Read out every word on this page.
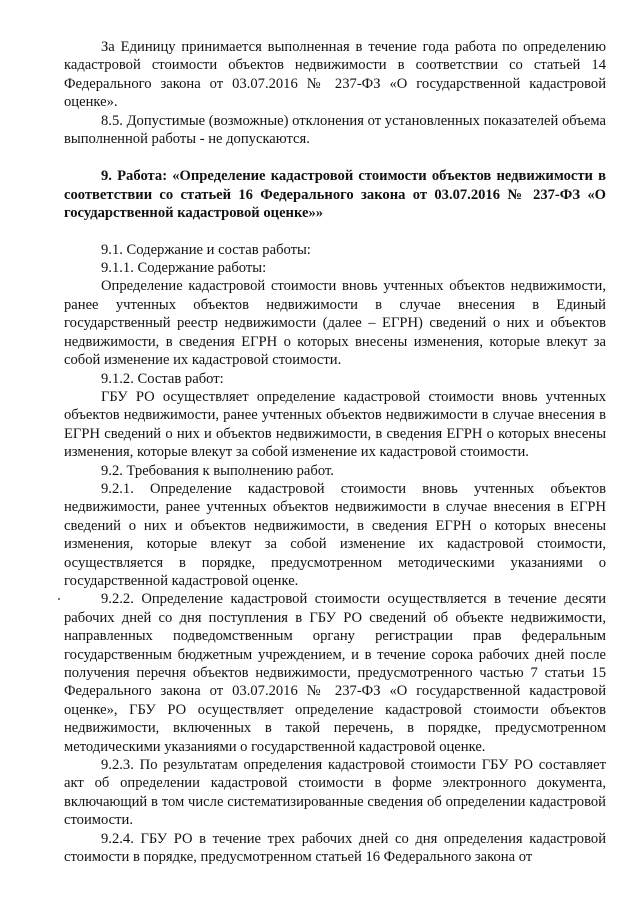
За Единицу принимается выполненная в течение года работа по определению кадастровой стоимости объектов недвижимости в соответствии со статьей 14 Федерального закона от 03.07.2016 № 237-ФЗ «О государственной кадастровой оценке».

8.5. Допустимые (возможные) отклонения от установленных показателей объема выполненной работы - не допускаются.

9. Работа: «Определение кадастровой стоимости объектов недвижимости в соответствии со статьей 16 Федерального закона от 03.07.2016 № 237-ФЗ «О государственной кадастровой оценке»»

9.1. Содержание и состав работы:

9.1.1. Содержание работы:

Определение кадастровой стоимости вновь учтенных объектов недвижимости, ранее учтенных объектов недвижимости в случае внесения в Единый государственный реестр недвижимости (далее – ЕГРН) сведений о них и объектов недвижимости, в сведения ЕГРН о которых внесены изменения, которые влекут за собой изменение их кадастровой стоимости.

9.1.2. Состав работ:

ГБУ РО осуществляет определение кадастровой стоимости вновь учтенных объектов недвижимости, ранее учтенных объектов недвижимости в случае внесения в ЕГРН сведений о них и объектов недвижимости, в сведения ЕГРН о которых внесены изменения, которые влекут за собой изменение их кадастровой стоимости.

9.2. Требования к выполнению работ.

9.2.1. Определение кадастровой стоимости вновь учтенных объектов недвижимости, ранее учтенных объектов недвижимости в случае внесения в ЕГРН сведений о них и объектов недвижимости, в сведения ЕГРН о которых внесены изменения, которые влекут за собой изменение их кадастровой стоимости, осуществляется в порядке, предусмотренном методическими указаниями о государственной кадастровой оценке.

9.2.2. Определение кадастровой стоимости осуществляется в течение десяти рабочих дней со дня поступления в ГБУ РО сведений об объекте недвижимости, направленных подведомственным органу регистрации прав федеральным государственным бюджетным учреждением, и в течение сорока рабочих дней после получения перечня объектов недвижимости, предусмотренного частью 7 статьи 15 Федерального закона от 03.07.2016 № 237-ФЗ «О государственной кадастровой оценке», ГБУ РО осуществляет определение кадастровой стоимости объектов недвижимости, включенных в такой перечень, в порядке, предусмотренном методическими указаниями о государственной кадастровой оценке.

9.2.3. По результатам определения кадастровой стоимости ГБУ РО составляет акт об определении кадастровой стоимости в форме электронного документа, включающий в том числе систематизированные сведения об определении кадастровой стоимости.

9.2.4. ГБУ РО в течение трех рабочих дней со дня определения кадастровой стоимости в порядке, предусмотренном статьей 16 Федерального закона от
